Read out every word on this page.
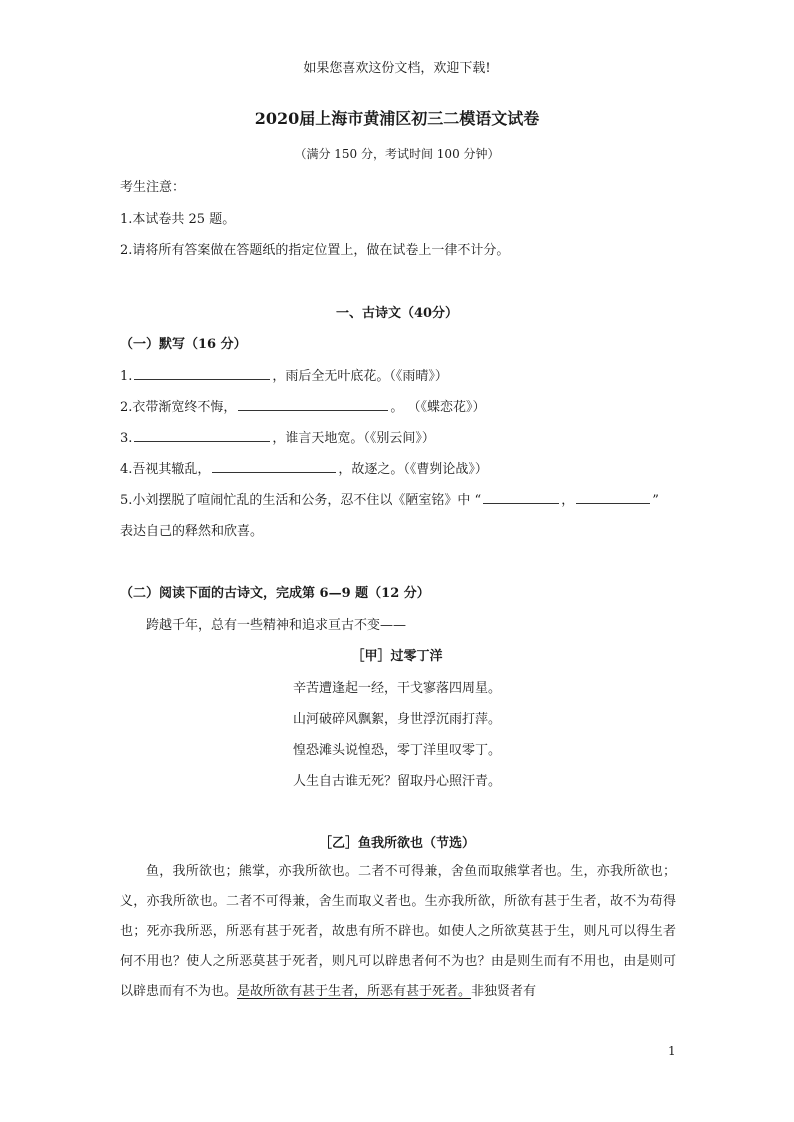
如果您喜欢这份文档，欢迎下载!
2020届上海市黄浦区初三二模语文试卷
（满分 150 分，考试时间 100 分钟）
考生注意：
1.本试卷共 25 题。
2.请将所有答案做在答题纸的指定位置上，做在试卷上一律不计分。
一、古诗文（40分）
（一）默写（16 分）
1.	，雨后全无叶底花。（《雨晴》）
2.衣带渐宽终不悔，	。 （《蝶恋花》）
3.	，谁言天地宽。（《别云间》）
4.吾视其辙乱，	，故逐之。（《曹刿论战》）
5.小刘摆脱了喧闹忙乱的生活和公务，忍不住以《陋室铭》中 “	，	”
表达自己的释然和欣喜。
（二）阅读下面的古诗文，完成第 6—9 题（12 分）
跨越千年，总有一些精神和追求亘古不变——
［甲］过零丁洋
辛苦遭逢起一经，干戈寥落四周星。
山河破碎风飘絮，身世浮沉雨打萍。
惶恐滩头说惶恐，零丁洋里叹零丁。
人生自古谁无死？留取丹心照汗青。
［乙］鱼我所欲也（节选）
鱼，我所欲也；熊掌，亦我所欲也。二者不可得兼，舍鱼而取熊掌者也。生，亦我所欲也；义，亦我所欲也。二者不可得兼，舍生而取义者也。生亦我所欲，所欲有甚于生者，故不为苟得也；死亦我所恶，所恶有甚于死者，故患有所不辟也。如使人之所欲莫甚于生，则凡可以得生者何不用也？使人之所恶莫甚于死者，则凡可以辟患者何不为也？由是则生而有不用也，由是则可以辟患而有不为也。是故所欲有甚于生者，所恶有甚于死者。非独贤者有
1
